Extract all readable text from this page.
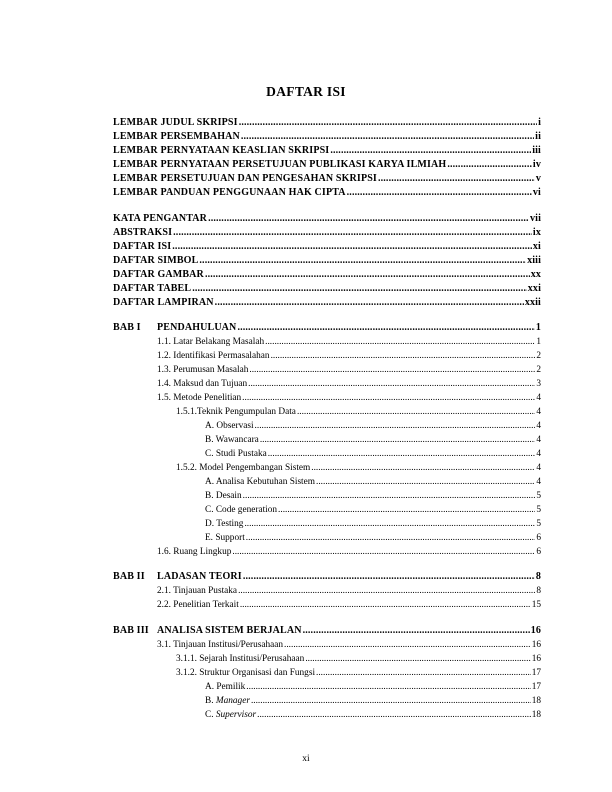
DAFTAR ISI
LEMBAR JUDUL SKRIPSI .....	i
LEMBAR PERSEMBAHAN .....	ii
LEMBAR PERNYATAAN KEASLIAN SKRIPSI .....	iii
LEMBAR PERNYATAAN PERSETUJUAN PUBLIKASI KARYA ILMIAH .....	iv
LEMBAR PERSETUJUAN DAN PENGESAHAN SKRIPSI .....	v
LEMBAR PANDUAN PENGGUNAAN HAK CIPTA .....	vi
KATA PENGANTAR .....	vii
ABSTRAKSI .....	ix
DAFTAR ISI .....	xi
DAFTAR SIMBOL .....	xiii
DAFTAR GAMBAR .....	xx
DAFTAR TABEL .....	xxi
DAFTAR LAMPIRAN .....	xxii
BAB I	PENDAHULUAN .....	1
1.1. Latar Belakang Masalah .....	1
1.2. Identifikasi Permasalahan .....	2
1.3. Perumusan Masalah .....	2
1.4. Maksud dan Tujuan .....	3
1.5. Metode Penelitian .....	4
1.5.1.Teknik Pengumpulan Data .....	4
A. Observasi .....	4
B. Wawancara .....	4
C. Studi Pustaka .....	4
1.5.2. Model Pengembangan Sistem .....	4
A. Analisa Kebutuhan Sistem .....	4
B. Desain .....	5
C. Code generation .....	5
D. Testing .....	5
E. Support .....	6
1.6. Ruang Lingkup .....	6
BAB II	LADASAN TEORI .....	8
2.1. Tinjauan Pustaka .....	8
2.2. Penelitian Terkait .....	15
BAB III ANALISA SISTEM BERJALAN .....	16
3.1. Tinjauan Institusi/Perusahaan .....	16
3.1.1. Sejarah Institusi/Perusahaan .....	16
3.1.2. Struktur Organisasi dan Fungsi .....	17
A. Pemilik .....	17
B. Manager .....	18
C. Supervisor .....	18
xi
